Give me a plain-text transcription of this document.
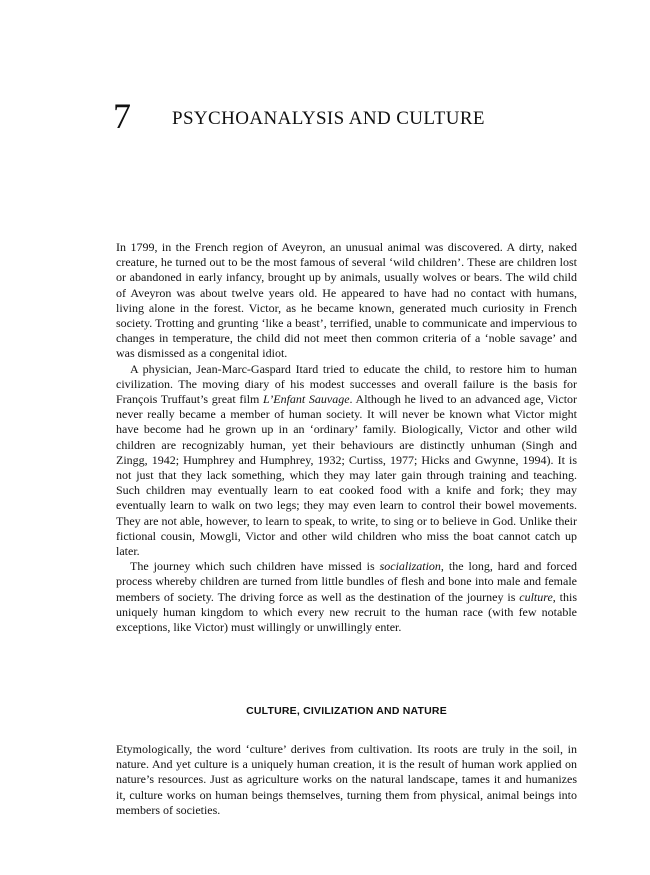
7 PSYCHOANALYSIS AND CULTURE

In 1799, in the French region of Aveyron, an unusual animal was discovered. A dirty, naked creature, he turned out to be the most famous of several ‘wild children’. These are children lost or abandoned in early infancy, brought up by animals, usually wolves or bears. The wild child of Aveyron was about twelve years old. He appeared to have had no contact with humans, living alone in the forest. Victor, as he became known, generated much curiosity in French society. Trotting and grunting ‘like a beast’, terrified, unable to communicate and impervious to changes in temperature, the child did not meet then common criteria of a ‘noble savage’ and was dismissed as a congenital idiot.

A physician, Jean-Marc-Gaspard Itard tried to educate the child, to restore him to human civilization. The moving diary of his modest successes and overall failure is the basis for François Truffaut’s great film L’Enfant Sauvage. Although he lived to an advanced age, Victor never really became a member of human society. It will never be known what Victor might have become had he grown up in an ‘ordinary’ family. Biologically, Victor and other wild children are recognizably human, yet their behaviours are distinctly unhuman (Singh and Zingg, 1942; Humphrey and Humphrey, 1932; Curtiss, 1977; Hicks and Gwynne, 1994). It is not just that they lack something, which they may later gain through training and teaching. Such children may eventually learn to eat cooked food with a knife and fork; they may eventually learn to walk on two legs; they may even learn to control their bowel movements. They are not able, however, to learn to speak, to write, to sing or to believe in God. Unlike their fictional cousin, Mowgli, Victor and other wild children who miss the boat cannot catch up later.

The journey which such children have missed is socialization, the long, hard and forced process whereby children are turned from little bundles of flesh and bone into male and female members of society. The driving force as well as the destination of the journey is culture, this uniquely human kingdom to which every new recruit to the human race (with few notable exceptions, like Victor) must willingly or unwillingly enter.

CULTURE, CIVILIZATION AND NATURE

Etymologically, the word ‘culture’ derives from cultivation. Its roots are truly in the soil, in nature. And yet culture is a uniquely human creation, it is the result of human work applied on nature’s resources. Just as agriculture works on the natural landscape, tames it and humanizes it, culture works on human beings themselves, turning them from physical, animal beings into members of societies.
